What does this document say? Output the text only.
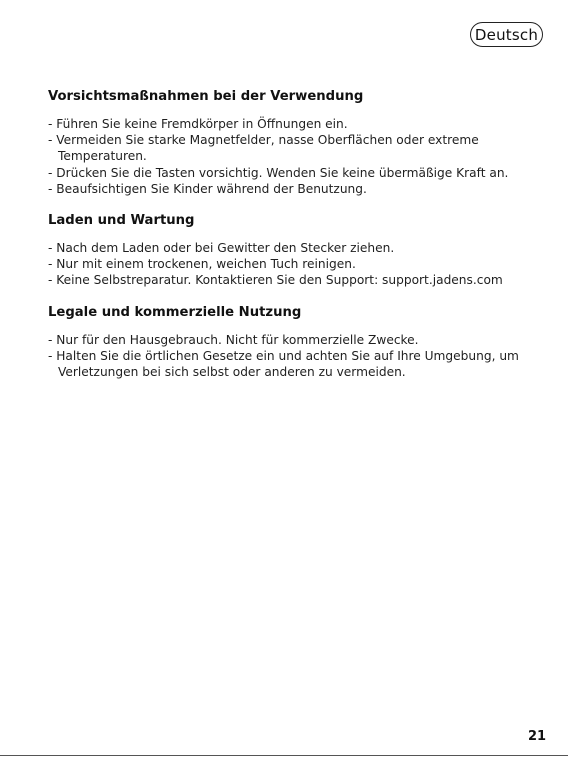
Deutsch
Vorsichtsmaßnahmen bei der Verwendung
- Führen Sie keine Fremdkörper in Öffnungen ein.
- Vermeiden Sie starke Magnetfelder, nasse Oberflächen oder extreme Temperaturen.
- Drücken Sie die Tasten vorsichtig. Wenden Sie keine übermäßige Kraft an.
- Beaufsichtigen Sie Kinder während der Benutzung.
Laden und Wartung
- Nach dem Laden oder bei Gewitter den Stecker ziehen.
- Nur mit einem trockenen, weichen Tuch reinigen.
- Keine Selbstreparatur. Kontaktieren Sie den Support: support.jadens.com
Legale und kommerzielle Nutzung
- Nur für den Hausgebrauch. Nicht für kommerzielle Zwecke.
- Halten Sie die örtlichen Gesetze ein und achten Sie auf Ihre Umgebung, um Verletzungen bei sich selbst oder anderen zu vermeiden.
21
